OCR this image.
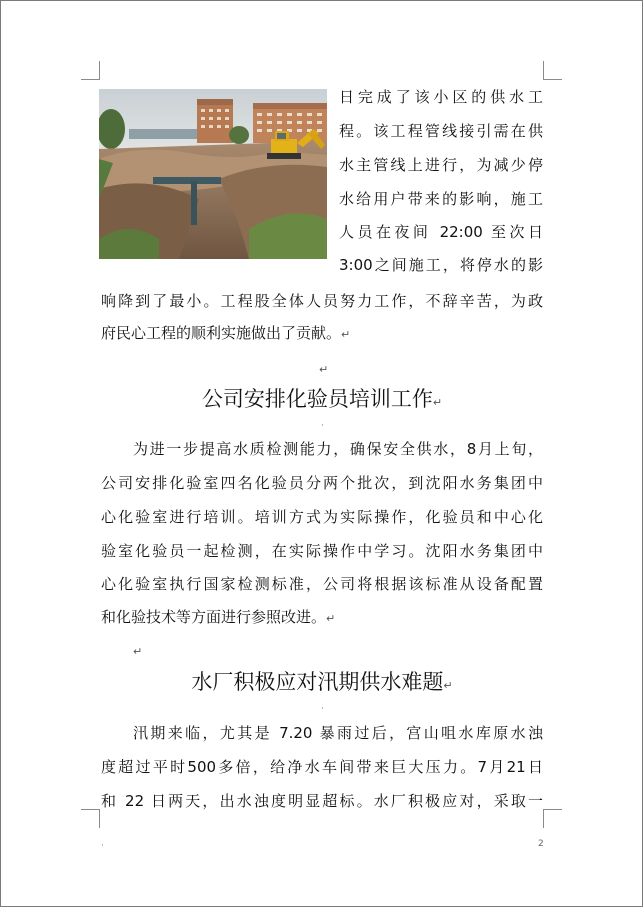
日完成了该小区的供水工
程。该工程管线接引需在供
水主管线上进行，为减少停
水给用户带来的影响，施工
人员在夜间 22:00 至次日
3:00之间施工，将停水的影
响降到了最小。工程股全体人员努力工作，不辞辛苦，为政
府民心工程的顺利实施做出了贡献。↵
↵
公司安排化验员培训工作↵
·
为进一步提高水质检测能力，确保安全供水，8月上旬，
公司安排化验室四名化验员分两个批次，到沈阳水务集团中
心化验室进行培训。培训方式为实际操作，化验员和中心化
验室化验员一起检测，在实际操作中学习。沈阳水务集团中
心化验室执行国家检测标准，公司将根据该标准从设备配置
和化验技术等方面进行参照改进。↵
↵
水厂积极应对汛期供水难题↵
·
汛期来临，尤其是 7.20 暴雨过后，宫山咀水库原水浊
度超过平时500多倍，给净水车间带来巨大压力。7月21日
和 22 日两天，出水浊度明显超标。水厂积极应对，采取一
·	2
